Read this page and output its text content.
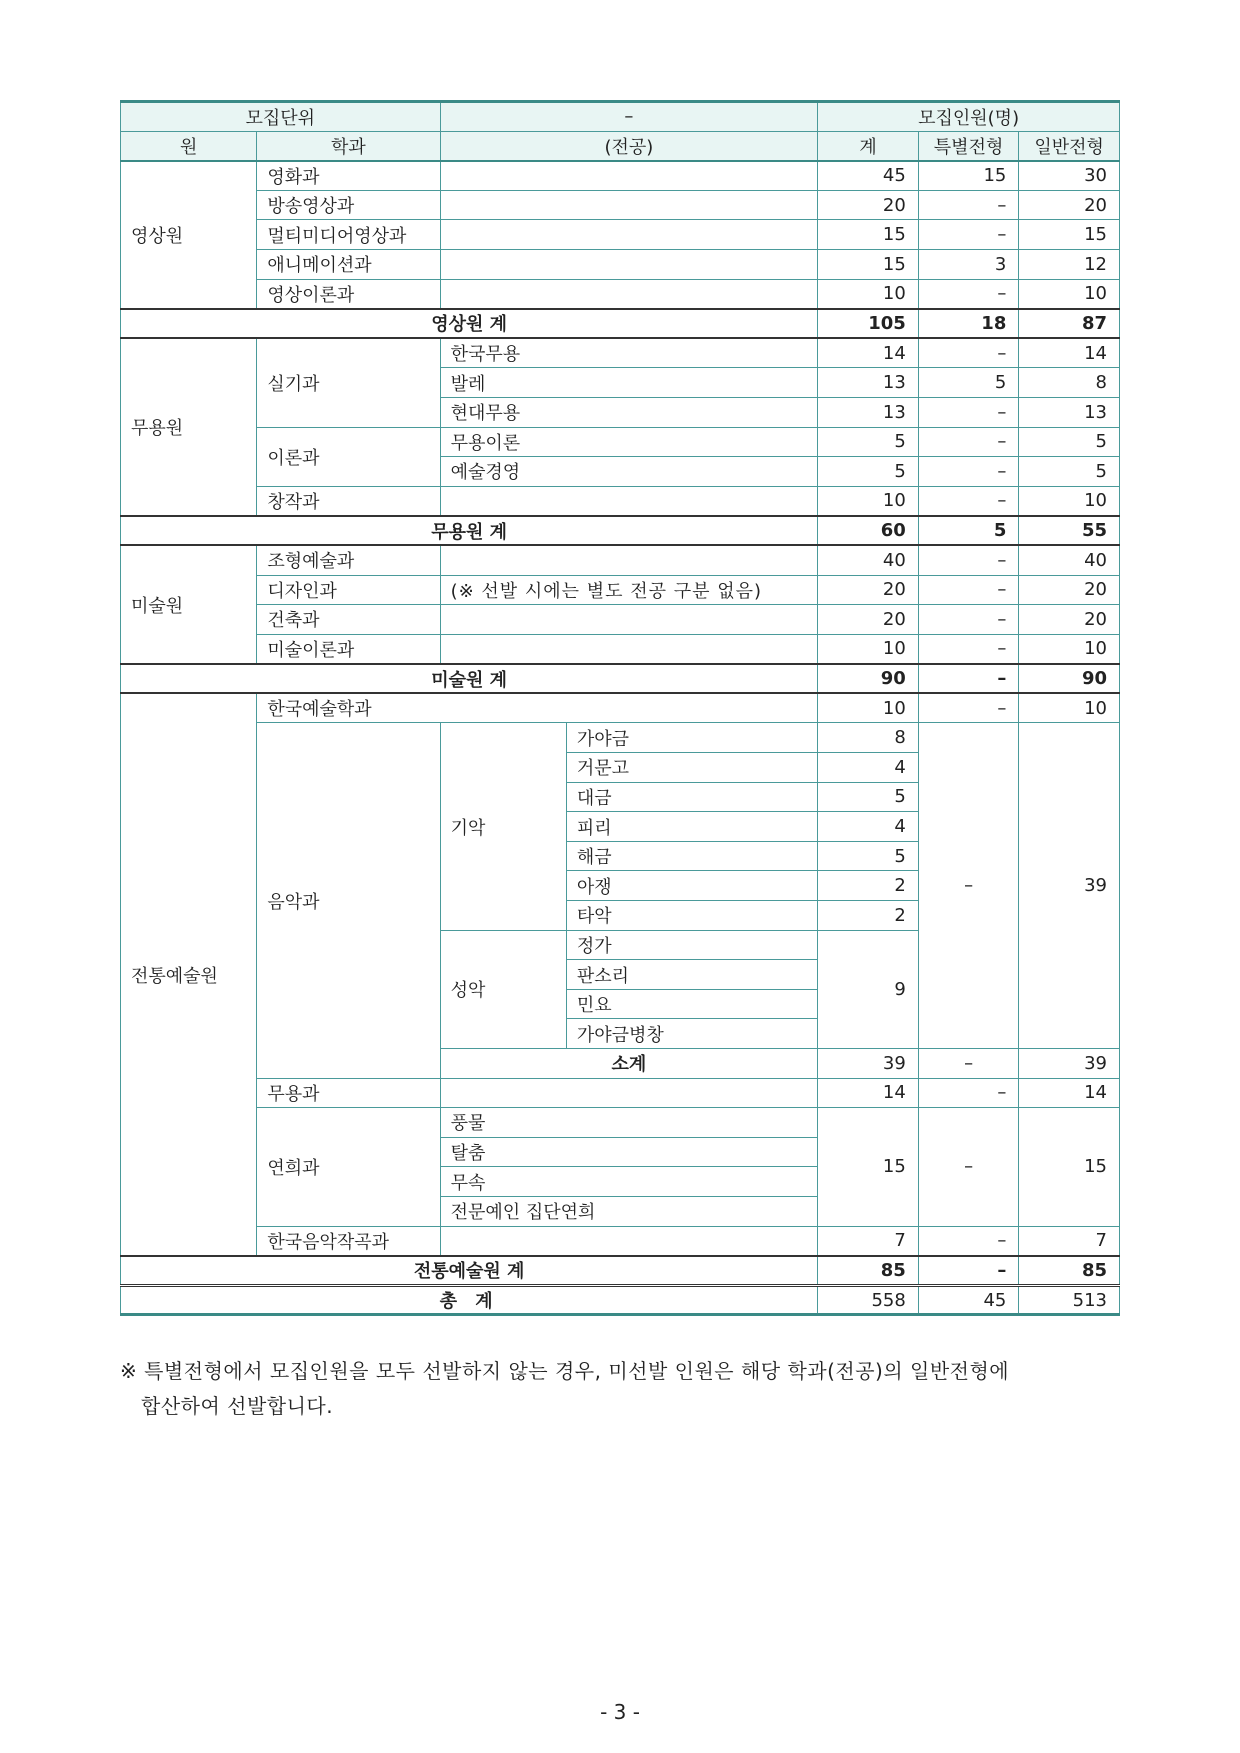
모집단위		–		모집인원(명)		
원	학과	(전공)		계	특별전형	일반전형
영상원	영화과			45	15	30
	방송영상과			20	–	20
	멀티미디어영상과			15	–	15
	애니메이션과			15	3	12
	영상이론과			10	–	10
영상원 계				105	18	87
무용원	실기과	한국무용		14	–	14
		발레		13	5	8
		현대무용		13	–	13
	이론과	무용이론		5	–	5
		예술경영		5	–	5
	창작과			10	–	10
무용원 계				60	5	55
미술원	조형예술과			40	–	40
	디자인과	(※ 선발 시에는 별도 전공 구분 없음)		20	–	20
	건축과			20	–	20
	미술이론과			10	–	10
미술원 계				90	–	90
전통예술원	한국예술학과			10	–	10
	음악과	기악	가야금	8	–	39
			거문고	4		
			대금	5		
			피리	4		
			해금	5		
			아쟁	2		
			타악	2		
		성악	정가	9		
			판소리			
			민요			
			가야금병창			
		소계		39	–	39
	무용과			14	–	14
	연희과	풍물		15	–	15
		탈춤				
		무속				
		전문예인 집단연희				
	한국음악작곡과			7	–	7
전통예술원 계				85	–	85
총 계				558	45	513
※ 특별전형에서 모집인원을 모두 선발하지 않는 경우, 미선발 인원은 해당 학과(전공)의 일반전형에
합산하여 선발합니다.
- 3 -
